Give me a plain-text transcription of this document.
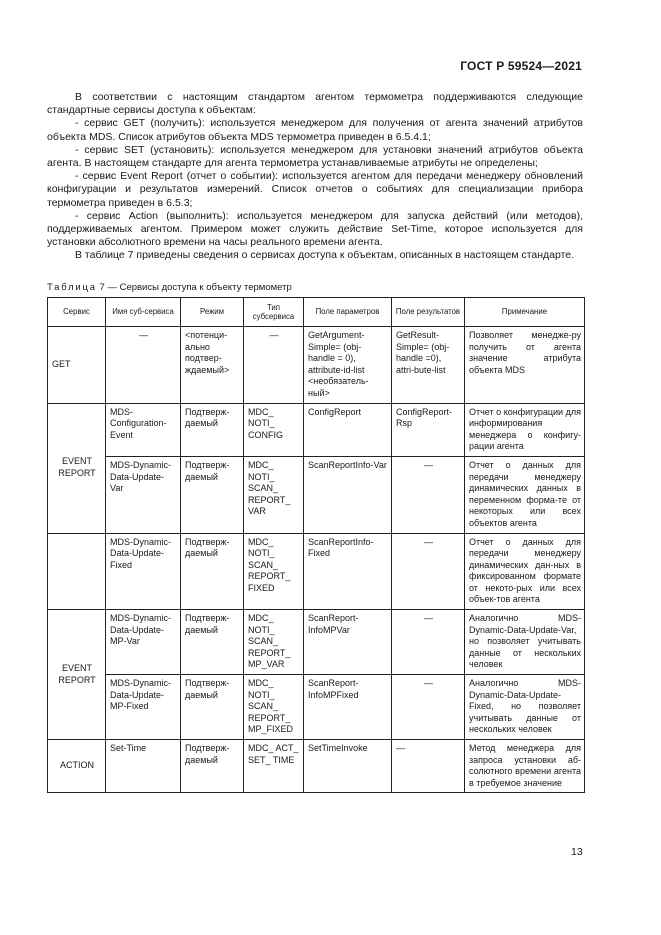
ГОСТ Р 59524—2021

В соответствии с настоящим стандартом агентом термометра поддерживаются следующие стандартные сервисы доступа к объектам:

- сервис GET (получить): используется менеджером для получения от агента значений атрибутов объекта MDS. Список атрибутов объекта MDS термометра приведен в 6.5.4.1;

- сервис SET (установить): используется менеджером для установки значений атрибутов объекта агента. В настоящем стандарте для агента термометра устанавливаемые атрибуты не определены;

- сервис Event Report (отчет о событии): используется агентом для передачи менеджеру обновлений конфигурации и результатов измерений. Список отчетов о событиях для специализации прибора термометра приведен в 6.5.3;

- сервис Action (выполнить): используется менеджером для запуска действий (или методов), поддерживаемых агентом. Примером может служить действие Set-Time, которое используется для установки абсолютного времени на часы реального времени агента.

В таблице 7 приведены сведения о сервисах доступа к объектам, описанных в настоящем стандарте.

Таблица 7 — Сервисы доступа к объекту термометр
Сервис	Имя суб-сервиса	Режим	Тип субсервиса	Поле параметров	Поле результатов	Примечание
GET	—	<потенци-ально подтвер-ждаемый>	—	GetArgument-Simple= (obj-handle = 0), attribute-id-list <необязатель-ный>	GetResult-Simple= (obj-handle =0), attri-bute-list	Позволяет менедже-ру получить от агента значение атрибута объекта MDS
EVENT REPORT	MDS-Configuration-Event	Подтверж-даемый	MDC_ NOTI_ CONFIG	ConfigReport	ConfigReport-Rsp	Отчет о конфигурации для информирования менеджера о конфигу-рации агента
	MDS-Dynamic-Data-Update-Var	Подтверж-даемый	MDC_ NOTI_ SCAN_ REPORT_ VAR	ScanReportInfo-Var	—	Отчет о данных для передачи менеджеру динамических данных в переменном форма-те от некоторых или всех объектов агента
	MDS-Dynamic-Data-Update-Fixed	Подтверж-даемый	MDC_ NOTI_ SCAN_ REPORT_ FIXED	ScanReportInfo-Fixed	—	Отчет о данных для передачи менеджеру динамических дан-ных в фиксированном формате от некото-рых или всех объек-тов агента
EVENT REPORT	MDS-Dynamic-Data-Update-MP-Var	Подтверж-даемый	MDC_ NOTI_ SCAN_ REPORT_ MP_VAR	ScanReport-InfoMPVar	—	Аналогично MDS-Dynamic-Data-Update-Var, но позволяет учитывать данные от нескольких человек
	MDS-Dynamic-Data-Update-MP-Fixed	Подтверж-даемый	MDC_ NOTI_ SCAN_ REPORT_ MP_FIXED	ScanReport-InfoMPFixed	—	Аналогично MDS-Dynamic-Data-Update-Fixed, но позволяет учитывать данные от нескольких человек
ACTION	Set-Time	Подтверж-даемый	MDC_ ACT_ SET_ TIME	SetTimeInvoke	—	Метод менеджера для запроса установки аб-солютного времени агента в требуемое значение
13
